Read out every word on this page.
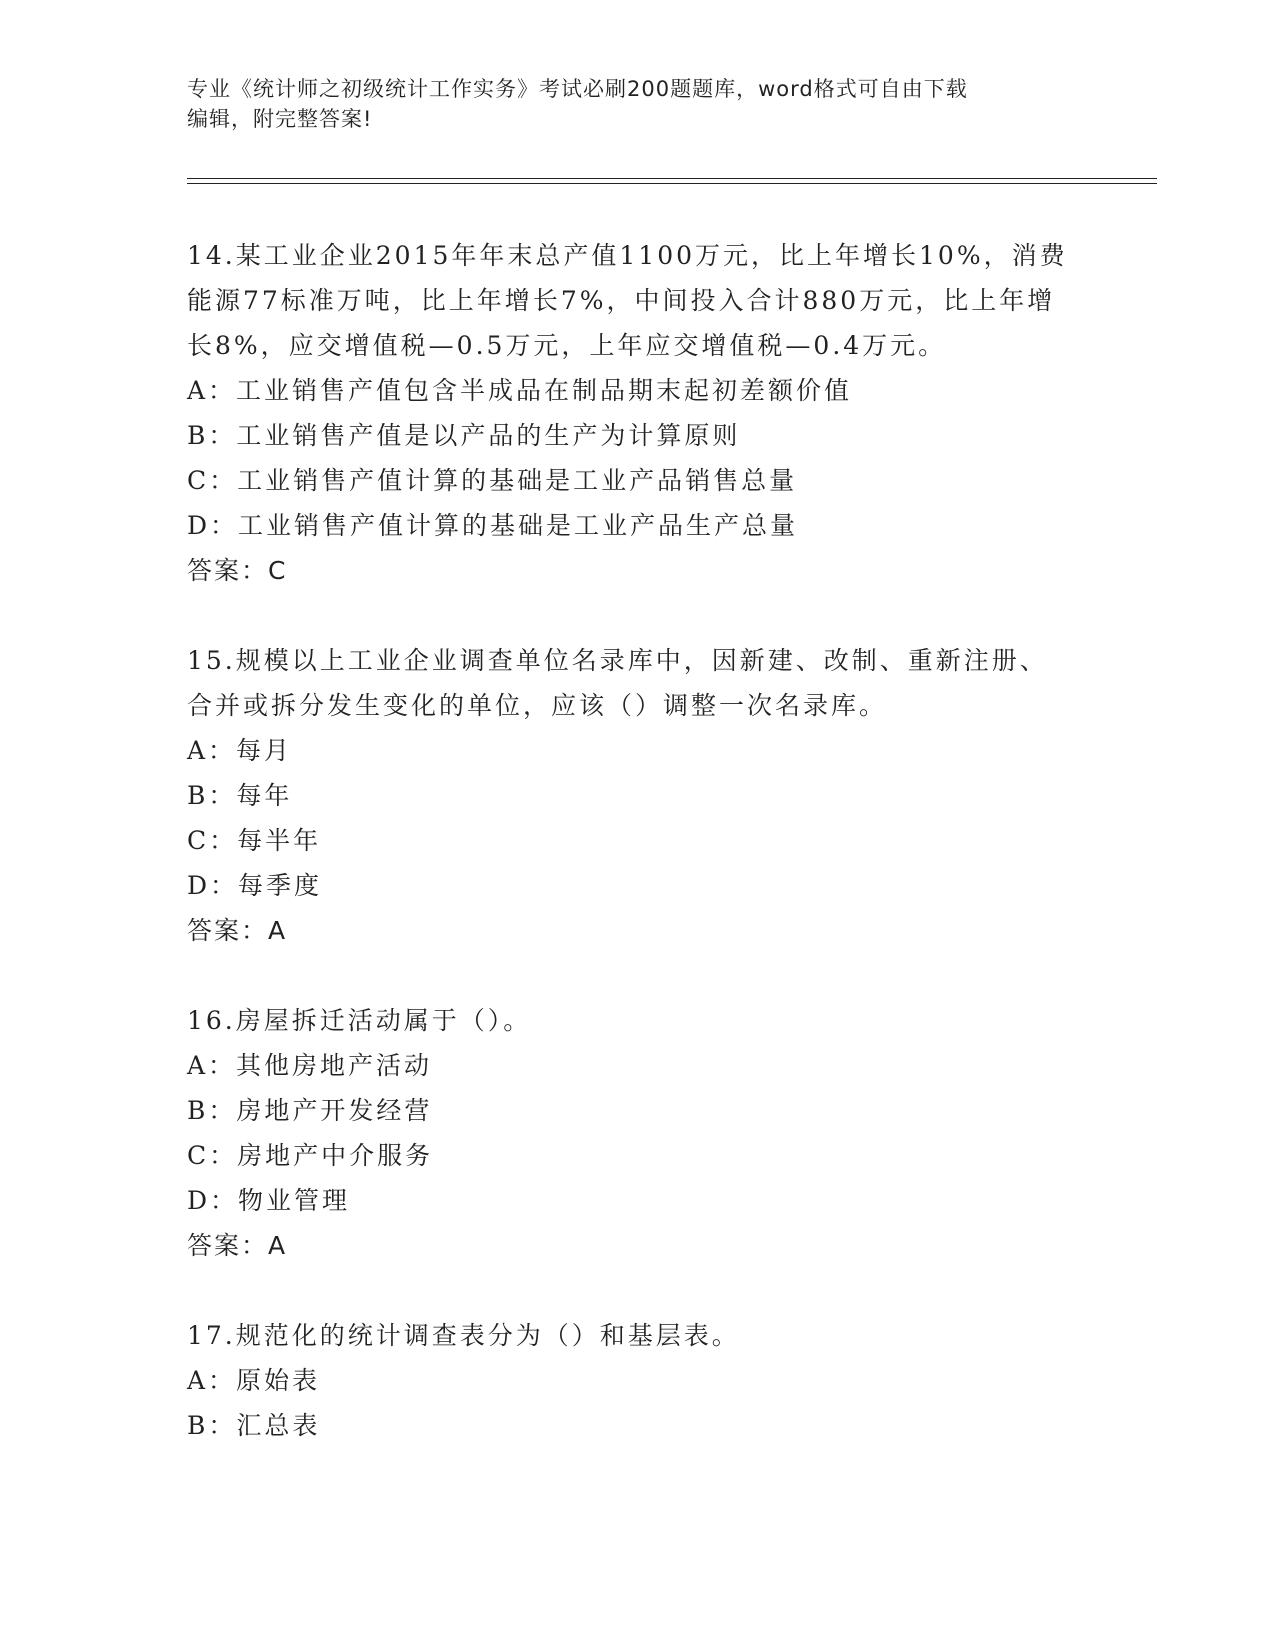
专业《统计师之初级统计工作实务》考试必刷200题题库，word格式可自由下载
编辑，附完整答案!
14.某工业企业2015年年末总产值1100万元，比上年增长10%，消费
能源77标准万吨，比上年增长7%，中间投入合计880万元，比上年增
长8%，应交增值税—0.5万元，上年应交增值税—0.4万元。
A：工业销售产值包含半成品在制品期末起初差额价值
B：工业销售产值是以产品的生产为计算原则
C：工业销售产值计算的基础是工业产品销售总量
D：工业销售产值计算的基础是工业产品生产总量
答案：C
15.规模以上工业企业调查单位名录库中，因新建、改制、重新注册、
合并或拆分发生变化的单位，应该（）调整一次名录库。
A：每月
B：每年
C：每半年
D：每季度
答案：A
16.房屋拆迁活动属于（）。
A：其他房地产活动
B：房地产开发经营
C：房地产中介服务
D：物业管理
答案：A
17.规范化的统计调查表分为（）和基层表。
A：原始表
B：汇总表
